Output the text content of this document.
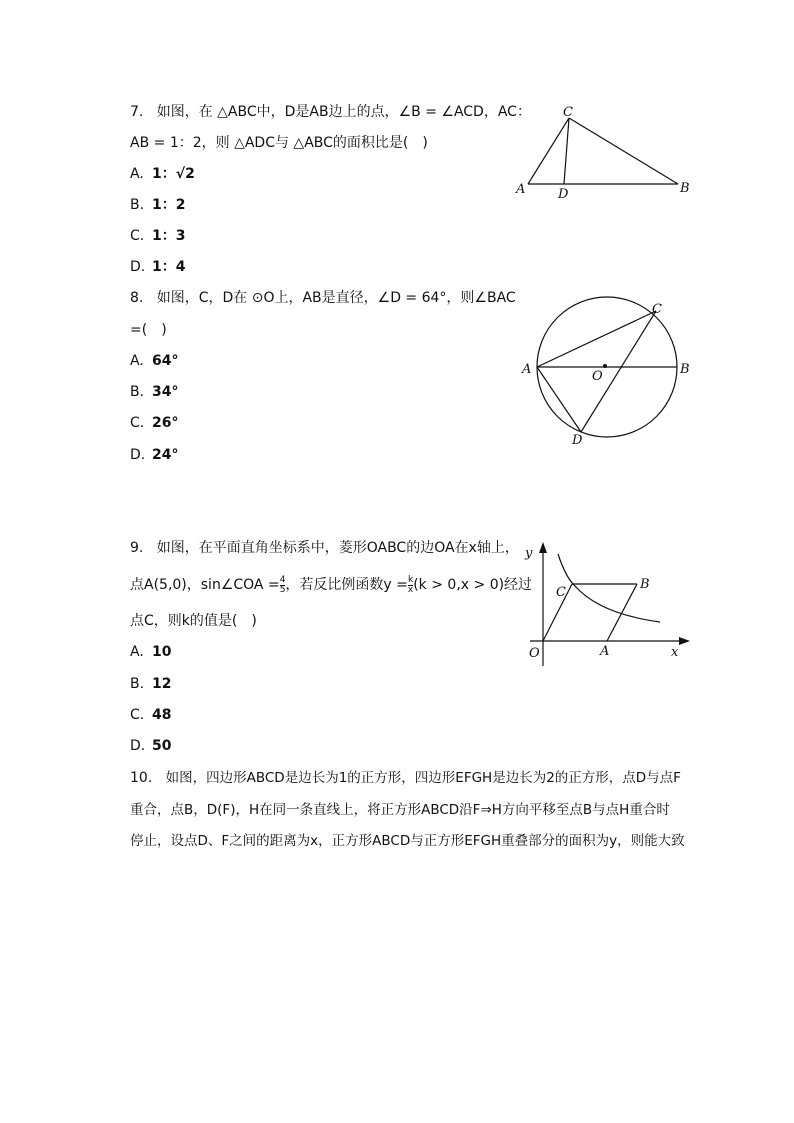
7. 如图，在 △ABC中，D是AB边上的点，∠B = ∠ACD，AC：
AB = 1：2，则 △ADC与 △ABC的面积比是(　)
A. 1：√2
B. 1：2
C. 1：3
D. 1：4
A	B
C
D
8. 如图，C，D在 ⊙O上，AB是直径，∠D = 64°，则∠BAC
=(　)
A. 64°
B. 34°
C. 26°
D. 24°
A	B
C
D
O
9. 如图，在平面直角坐标系中，菱形OABC的边OA在x轴上，
点A(5,0)，sin∠COA = $\frac{4}{5}$ ，若反比例函数$y = \frac{k}{x} (k > 0,x > 0)$经过
点C，则k的值是(　)
A. 10
B. 12
C. 48
D. 50
y
x
O	A
B
C
10. 如图，四边形ABCD是边长为1的正方形，四边形EFGH是边长为2的正方形，点D与点F
重合，点B，D(F)，H在同一条直线上，将正方形ABCD沿F⇒H方向平移至点B与点H重合时
停止，设点D、F之间的距离为x，正方形ABCD与正方形EFGH重叠部分的面积为y，则能大致
